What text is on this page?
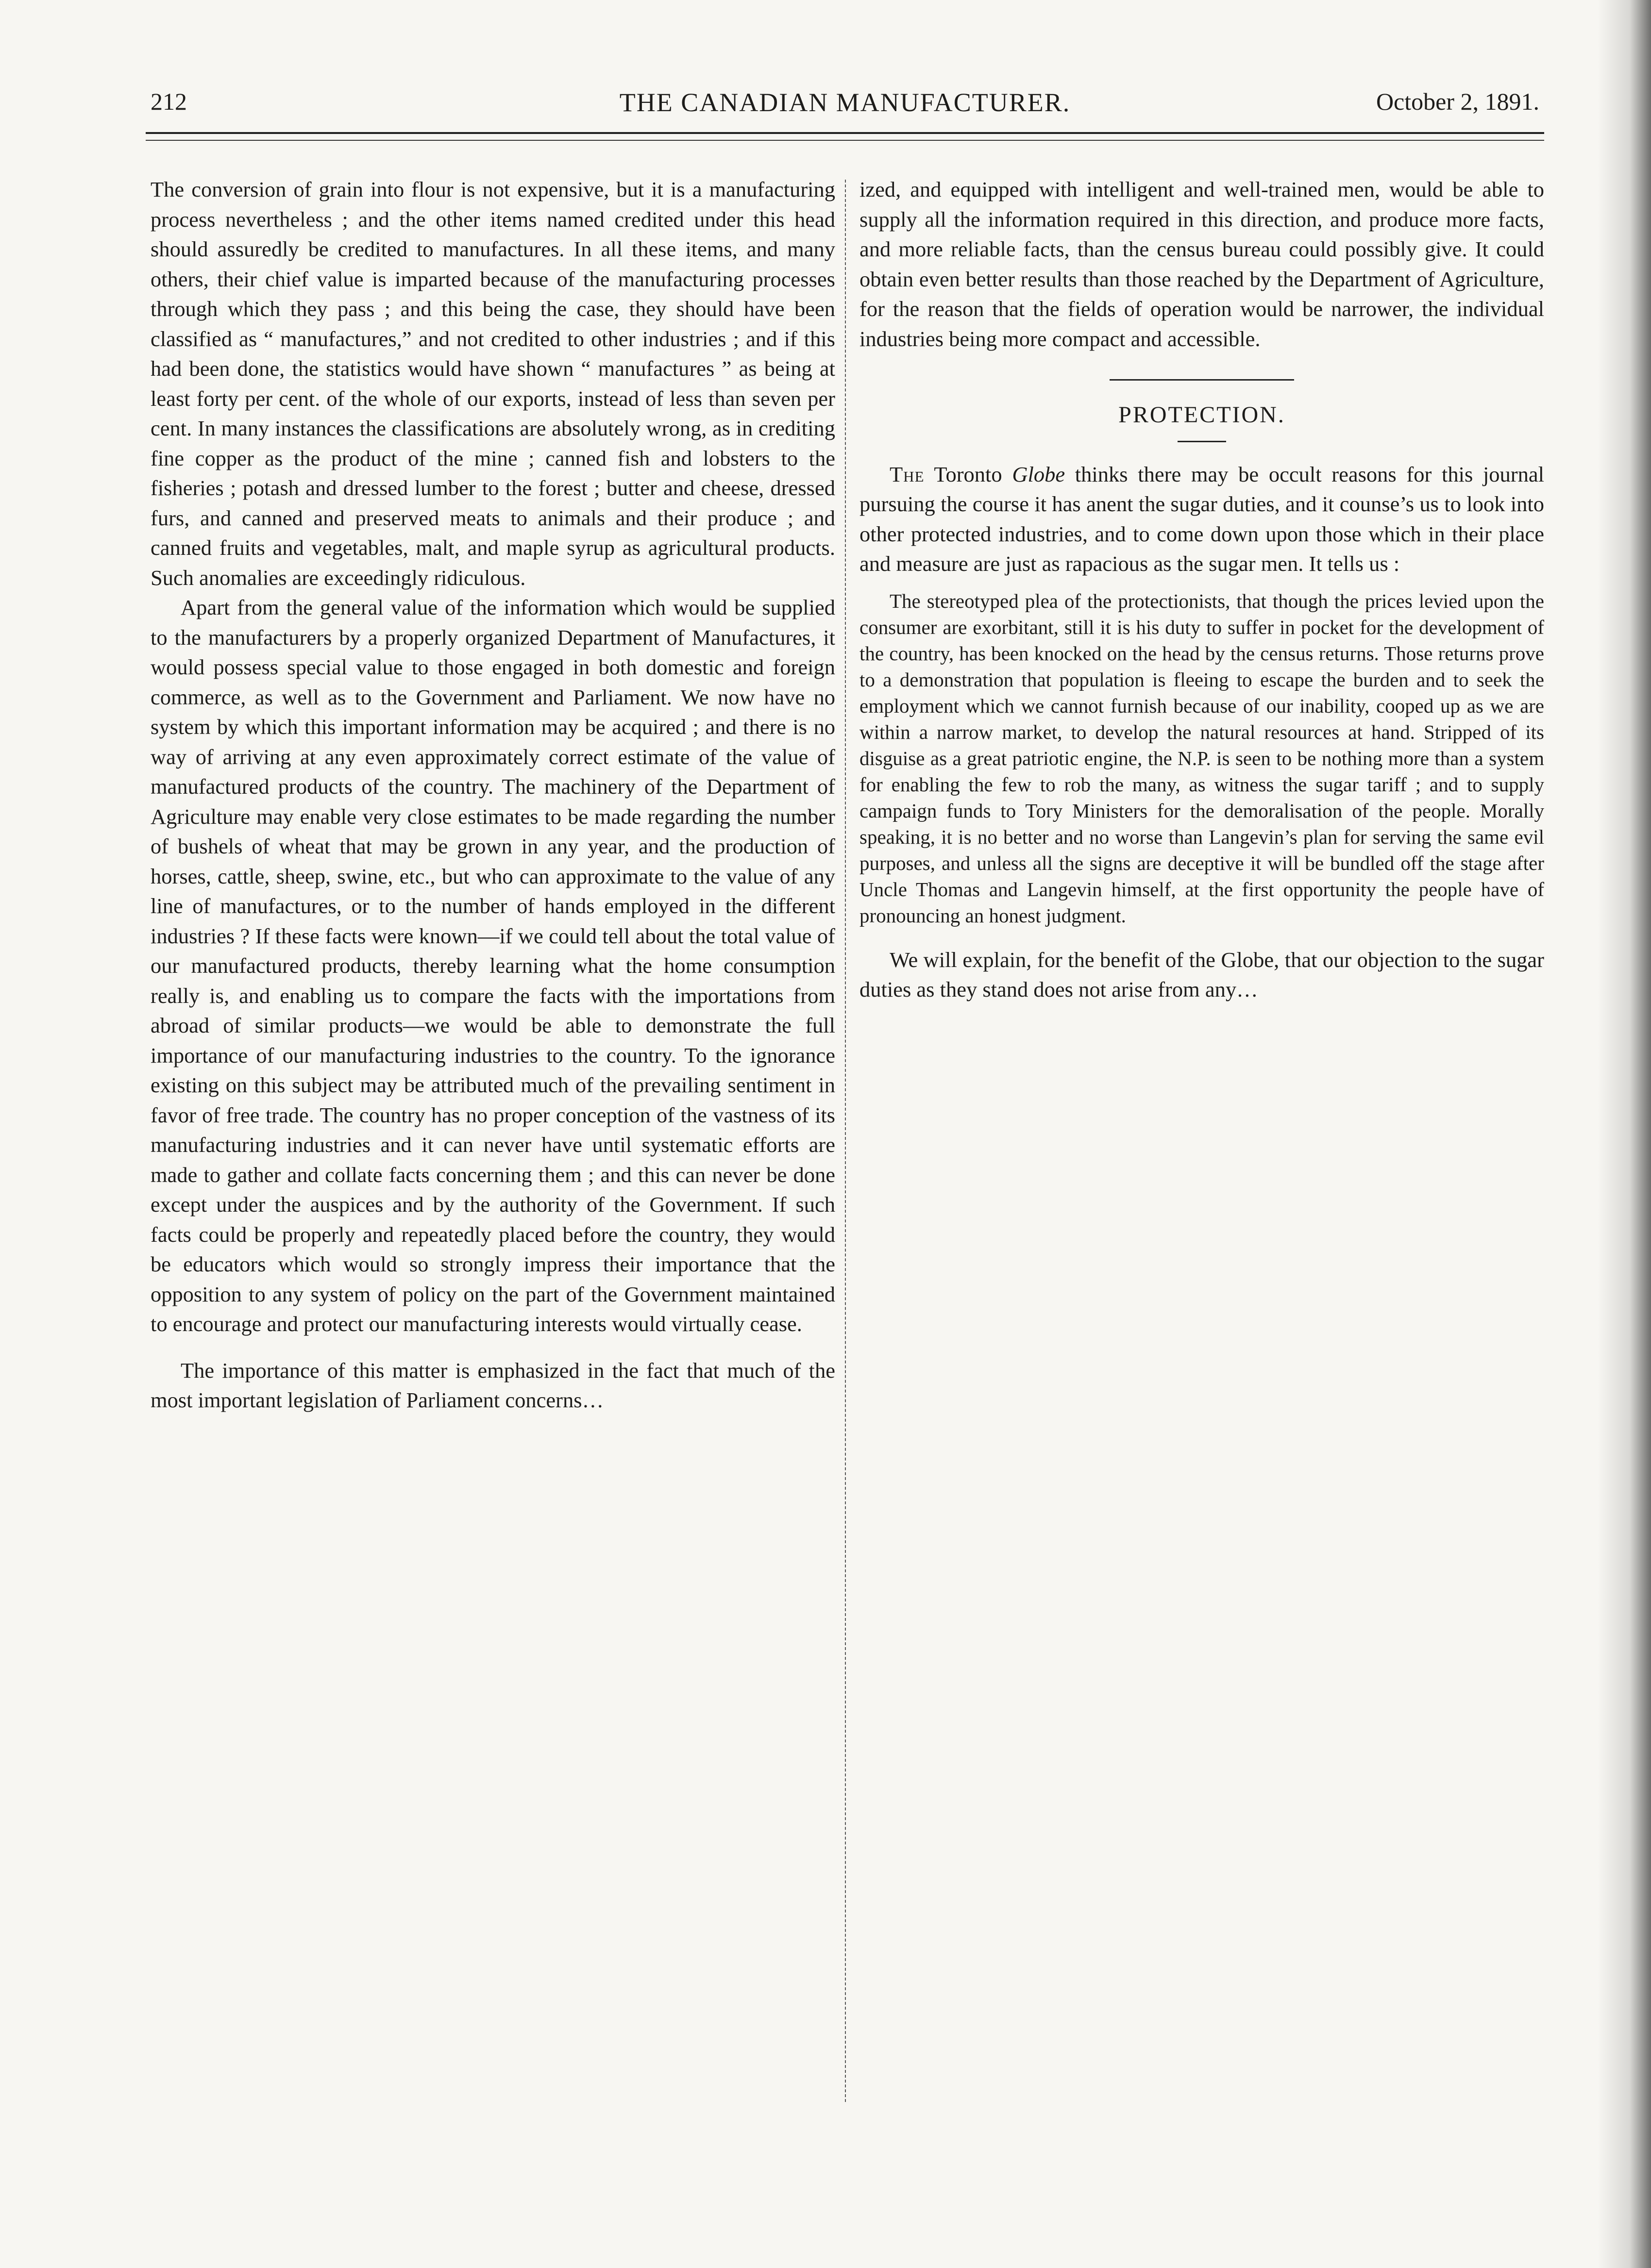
212	THE CANADIAN MANUFACTURER.	October 2, 1891.

The conversion of grain into flour is not expensive, but it is a manufacturing process nevertheless ; and the other items named credited under this head should assuredly be credited to manufactures. In all these items, and many others, their chief value is imparted because of the manufacturing processes through which they pass ; and this being the case, they should have been classified as “ manufactures,” and not credited to other industries ; and if this had been done, the statistics would have shown “ manufactures ” as being at least forty per cent. of the whole of our exports, instead of less than seven per cent. In many instances the classifications are absolutely wrong, as in crediting fine copper as the product of the mine ; canned fish and lobsters to the fisheries ; potash and dressed lumber to the forest ; butter and cheese, dressed furs, and canned and preserved meats to animals and their produce ; and canned fruits and vegetables, malt, and maple syrup as agricultural products. Such anomalies are exceedingly ridiculous.

Apart from the general value of the information which would be supplied to the manufacturers by a properly organized Department of Manufactures, it would possess special value to those engaged in both domestic and foreign commerce, as well as to the Government and Parliament. We now have no system by which this important information may be acquired ; and there is no way of arriving at any even approximately correct estimate of the value of manufactured products of the country. The machinery of the Department of Agriculture may enable very close estimates to be made regarding the number of bushels of wheat that may be grown in any year, and the production of horses, cattle, sheep, swine, etc., but who can approximate to the value of any line of manufactures, or to the number of hands employed in the different industries ? If these facts were known—if we could tell about the total value of our manufactured products, thereby learning what the home consumption really is, and enabling us to compare the facts with the importations from abroad of similar products—we would be able to demonstrate the full importance of our manufacturing industries to the country. To the ignorance existing on this subject may be attributed much of the prevailing sentiment in favor of free trade. The country has no proper conception of the vastness of its manufacturing industries and it can never have until systematic efforts are made to gather and collate facts concerning them ; and this can never be done except under the auspices and by the authority of the Government. If such facts could be properly and repeatedly placed before the country, they would be educators which would so strongly impress their importance that the opposition to any system of policy on the part of the Government maintained to encourage and protect our manufacturing interests would virtually cease.

The importance of this matter is emphasized in the fact that much of the most important legislation of Parliament concerns…

ized, and equipped with intelligent and well-trained men, would be able to supply all the information required in this direction, and produce more facts, and more reliable facts, than the census bureau could possibly give. It could obtain even better results than those reached by the Department of Agriculture, for the reason that the fields of operation would be narrower, the individual industries being more compact and accessible.

PROTECTION.

The Toronto Globe thinks there may be occult reasons for this journal pursuing the course it has anent the sugar duties, and it counse’s us to look into other protected industries, and to come down upon those which in their place and measure are just as rapacious as the sugar men. It tells us :

The stereotyped plea of the protectionists, that though the prices levied upon the consumer are exorbitant, still it is his duty to suffer in pocket for the development of the country, has been knocked on the head by the census returns. Those returns prove to a demonstration that population is fleeing to escape the burden and to seek the employment which we cannot furnish because of our inability, cooped up as we are within a narrow market, to develop the natural resources at hand. Stripped of its disguise as a great patriotic engine, the N.P. is seen to be nothing more than a system for enabling the few to rob the many, as witness the sugar tariff ; and to supply campaign funds to Tory Ministers for the demoralisation of the people. Morally speaking, it is no better and no worse than Langevin’s plan for serving the same evil purposes, and unless all the signs are deceptive it will be bundled off the stage after Uncle Thomas and Langevin himself, at the first opportunity the people have of pronouncing an honest judgment.

We will explain, for the benefit of the Globe, that our objection to the sugar duties as they stand does not arise from any…
